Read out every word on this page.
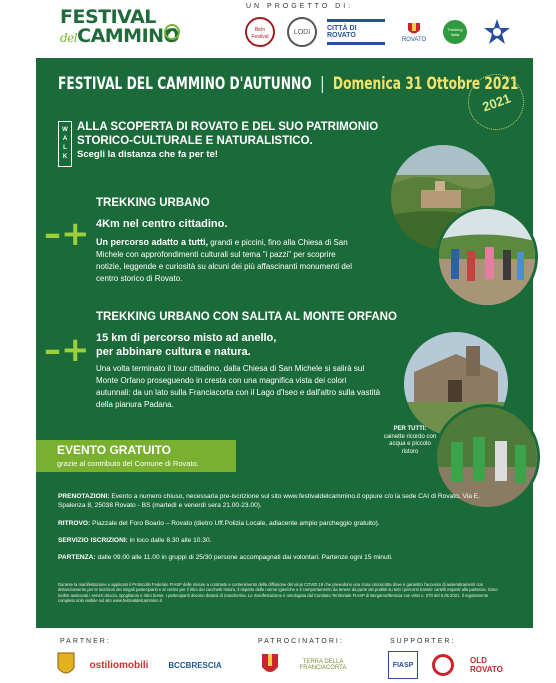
FESTIVAL
delCAMMINO
UN PROGETTO DI:
BeIn Festival
LODI
CITTÀ DI ROVATO
ROVATO
Trekking Italia
FESTIVAL DEL CAMMINO D'AUTUNNO | Domenica 31 Ottobre 2021
2021
W
A
L
K
ALLA SCOPERTA DI ROVATO E DEL SUO PATRIMONIO
STORICO-CULTURALE E NATURALISTICO.
Scegli la distanza che fa per te!
–+
TREKKING URBANO
4Km nel centro cittadino.
Un percorso adatto a tutti, grandi e piccini, fino alla Chiesa di San Michele con approfondimenti culturali sul tema "i pazzi" per scoprire notizie, leggende e curiosità su alcuni dei più affascinanti monumenti del centro storico di Rovato.
–+
TREKKING URBANO CON SALITA AL MONTE ORFANO
15 km di percorso misto ad anello,
per abbinare cultura e natura.
Una volta terminato il tour cittadino, dalla Chiesa di San Michele si salirà sul Monte Orfano proseguendo in cresta con una magnifica vista dei colori autunnali: da un lato sulla Franciacorta con il Lago d'Iseo e dall'altro sulla vastità della pianura Padana.
PER TUTTI:
cainette ricordo con acqua e piccolo ristoro
EVENTO GRATUITO
grazie al contributo del Comune di Rovato.
PRENOTAZIONI: Evento a numero chiuso, necessaria pre-iscrizione sul sito www.festivaldelcammino.it oppure c/o la sede CAI di Rovato, Via E. Spalenza 8, 25038 Rovato - BS (martedì e venerdì sera 21.00-23.00).
RITROVO: Piazzale del Foro Boario – Rovato (dietro Uff.Polizia Locale, adiacente ampio parcheggio gratuito).
SERVIZIO ISCRIZIONI: in loco dalle 8.30 alle 10.30.
PARTENZA: dalle 09.00 alle 11.00 in gruppi di 25/30 persone accompagnati dai volontari. Partenze ogni 15 minuti.
Durante la manifestazione e applicato il Protocollo Federale FIASP delle misure a contrasto e contenimento della diffusione del virus COVID 19 che prevedono una zona circoscritta dove è garantito l'accesso di assembramenti con distanziamento per le iscrizioni dei singoli partecipanti e al centro per il ritiro dei cacchetti ristoro, il rispetto delle norme igieniche e il comportamento da tenere da parte dei podisti su tutti i percorsi tramite cartelli esposti alla partenza. Sono inoltre assicurati i servizi doccia, spogliatoio e ritiro borse. I partecipanti devono dotarsi di mascherina. Le manifestazione è omologata dal Comitato Territoriale FIASP di Bergamo/Brescia con visto n. 070 del 5.05.2021. Il regolamento completo solo visibile sul sito www.festivaldelcammino.it
PARTNER:	PATROCINATORI:	SUPPORTER:
ostiliomobili	BCCBRESCIA	TERRA DELLA FRANCIACORTA	FIASP	OLD ROVATO
